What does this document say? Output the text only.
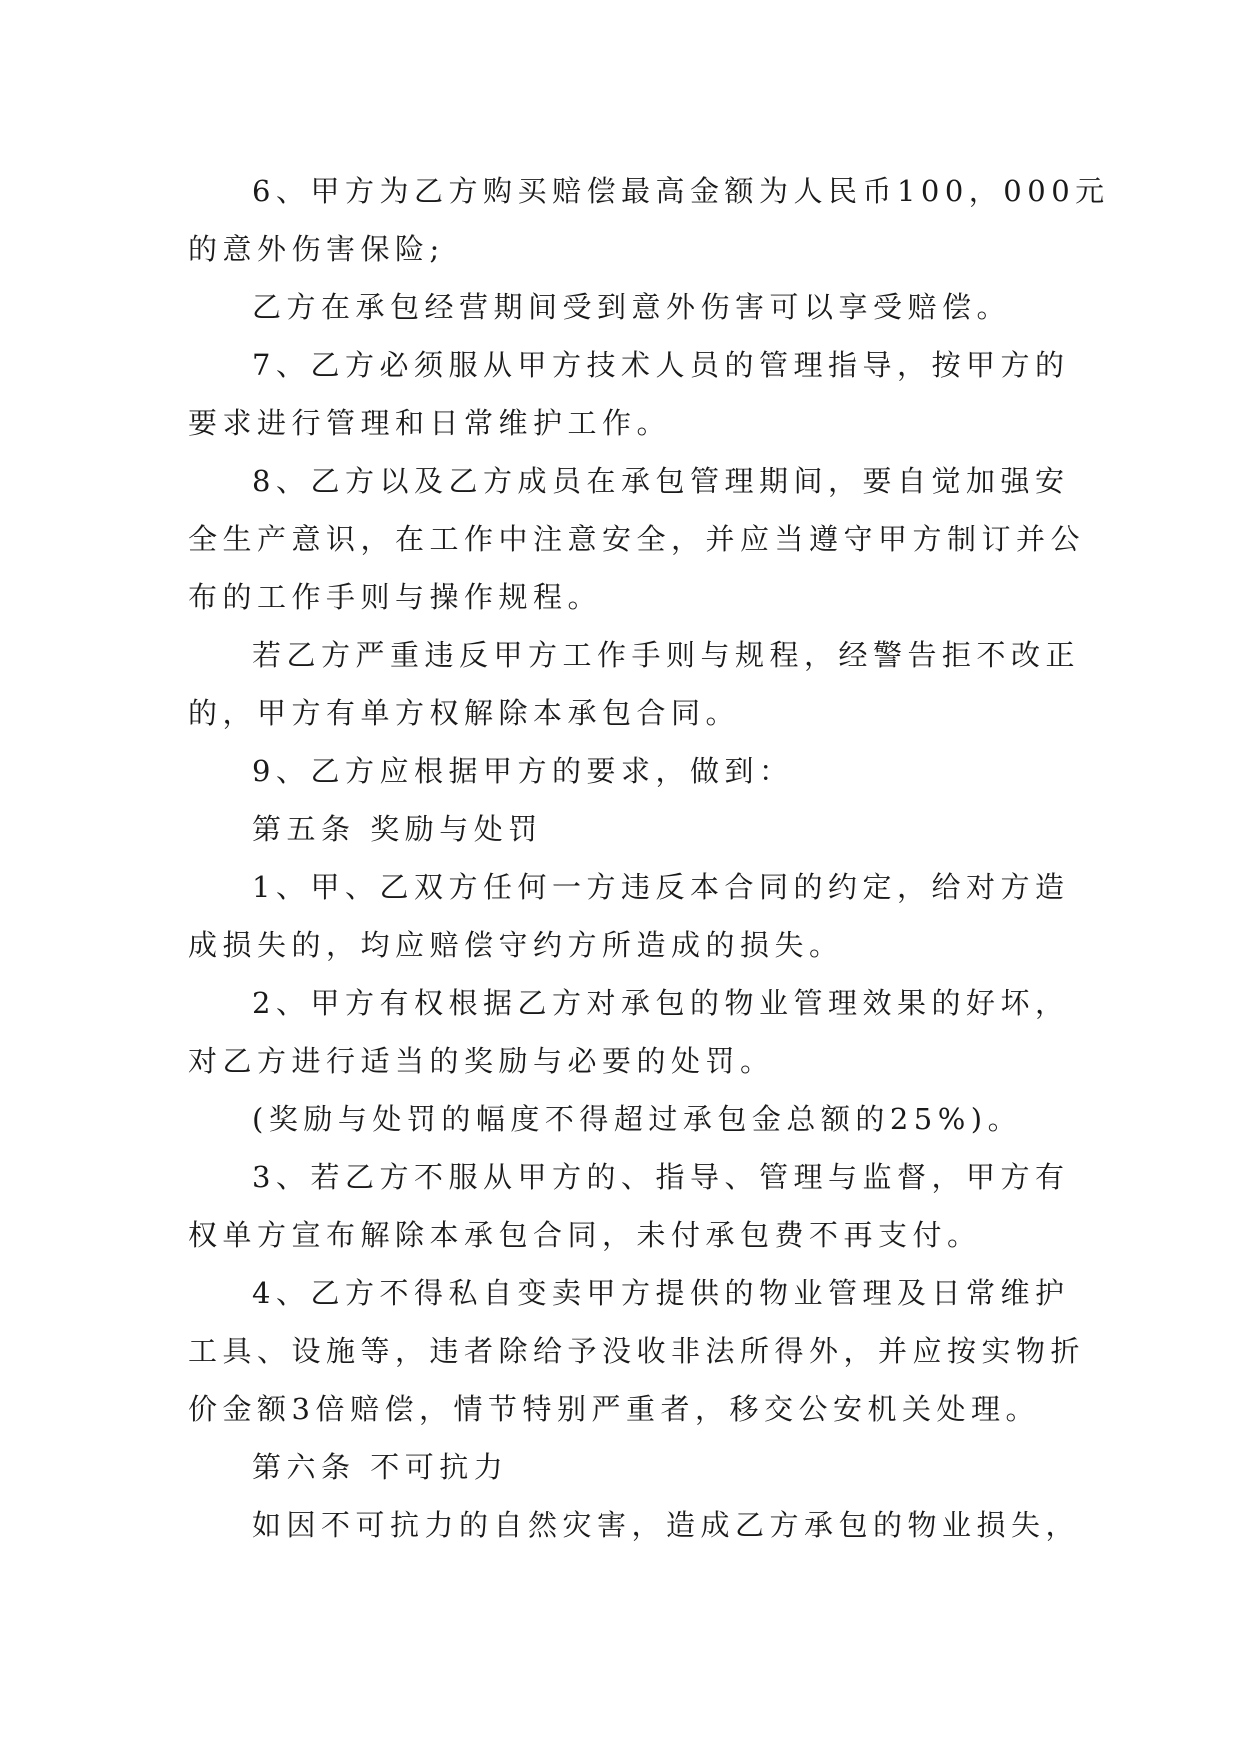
6、甲方为乙方购买赔偿最高金额为人民币100，000元
的意外伤害保险;
乙方在承包经营期间受到意外伤害可以享受赔偿。
7、乙方必须服从甲方技术人员的管理指导，按甲方的
要求进行管理和日常维护工作。
8、乙方以及乙方成员在承包管理期间，要自觉加强安
全生产意识，在工作中注意安全，并应当遵守甲方制订并公
布的工作手则与操作规程。
若乙方严重违反甲方工作手则与规程，经警告拒不改正
的，甲方有单方权解除本承包合同。
9、乙方应根据甲方的要求，做到：
第五条 奖励与处罚
1、甲、乙双方任何一方违反本合同的约定，给对方造
成损失的，均应赔偿守约方所造成的损失。
2、甲方有权根据乙方对承包的物业管理效果的好坏，
对乙方进行适当的奖励与必要的处罚。
(奖励与处罚的幅度不得超过承包金总额的25%)。
3、若乙方不服从甲方的、指导、管理与监督，甲方有
权单方宣布解除本承包合同，未付承包费不再支付。
4、乙方不得私自变卖甲方提供的物业管理及日常维护
工具、设施等，违者除给予没收非法所得外，并应按实物折
价金额3倍赔偿，情节特别严重者，移交公安机关处理。
第六条 不可抗力
如因不可抗力的自然灾害，造成乙方承包的物业损失，
